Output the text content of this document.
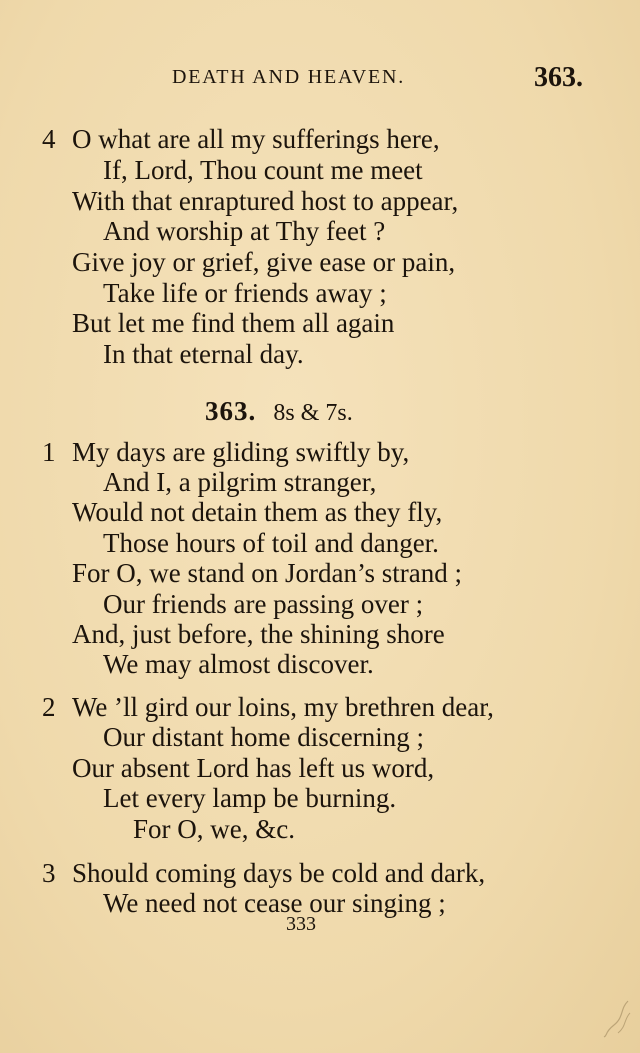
DEATH AND HEAVEN.	363.
4 O what are all my sufferings here,
If, Lord, Thou count me meet
With that enraptured host to appear,
And worship at Thy feet ?
Give joy or grief, give ease or pain,
Take life or friends away ;
But let me find them all again
In that eternal day.
363. 8s & 7s.
1 My days are gliding swiftly by,
And I, a pilgrim stranger,
Would not detain them as they fly,
Those hours of toil and danger.
For O, we stand on Jordan’s strand ;
Our friends are passing over ;
And, just before, the shining shore
We may almost discover.
2 We ’ll gird our loins, my brethren dear,
Our distant home discerning ;
Our absent Lord has left us word,
Let every lamp be burning.
For O, we, &c.
3 Should coming days be cold and dark,
We need not cease our singing ;
333
